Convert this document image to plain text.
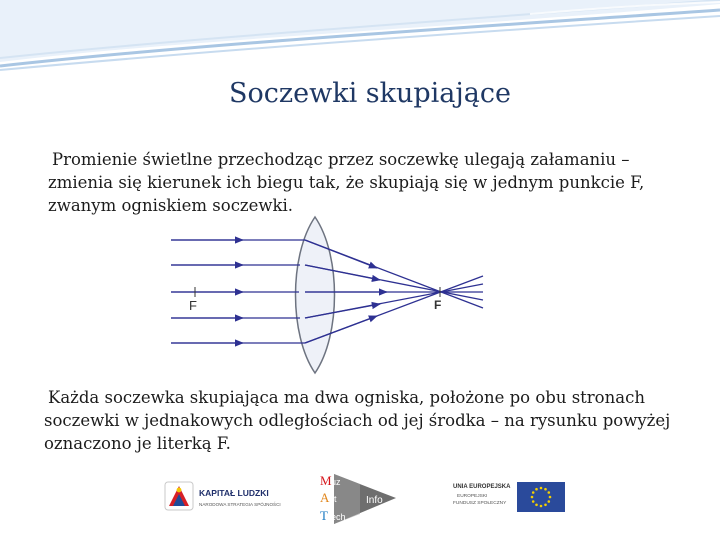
Soczewki skupiające
Promienie świetlne przechodząc przez soczewkę ulegają załamaniu –
zmienia się kierunek ich biegu tak, że skupiają się w jednym punkcie F,
zwanym ogniskiem soczewki.
F	F
Każda soczewka skupiająca ma dwa ogniska, położone po obu stronach
soczewki w jednakowych odległościach od jej środka – na rysunku powyżej
oznaczono je literką F.
KAPITAŁ LUDZKI
NARODOWA STRATEGIA SPÓJNOŚCI
M uz
A rt	Info
T ech
UNIA EUROPEJSKA
EUROPEJSKI
FUNDUSZ SPOŁECZNY
